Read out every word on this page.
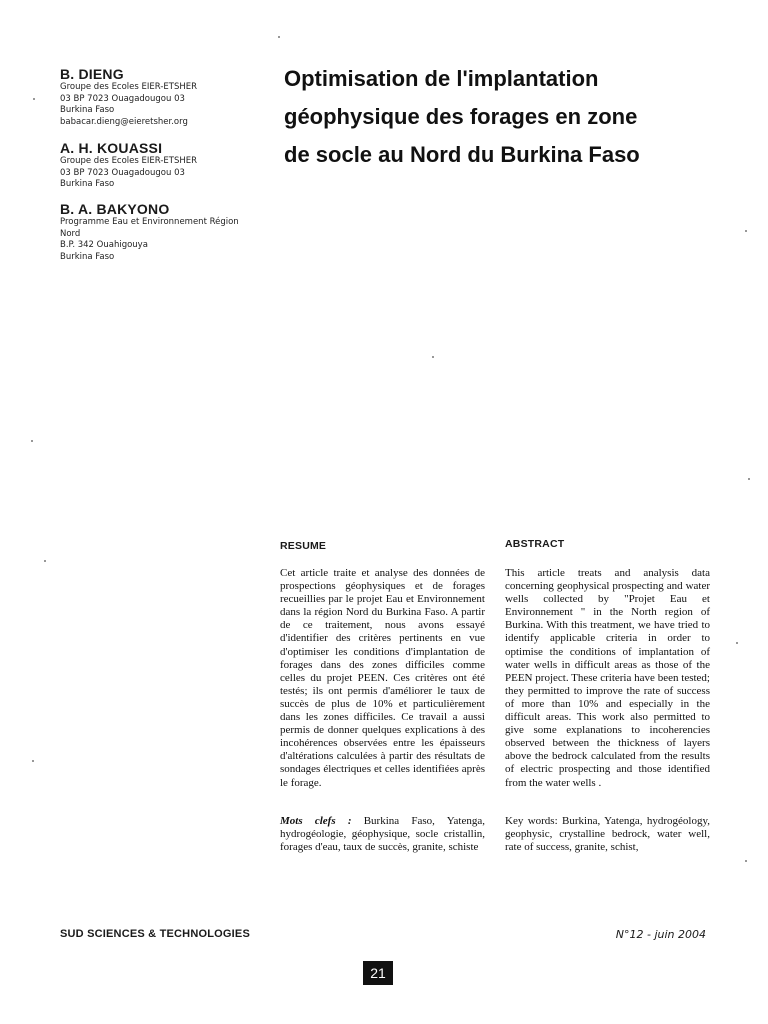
B. DIENG
Groupe des Ecoles EIER-ETSHER
03 BP 7023 Ouagadougou 03
Burkina Faso
babacar.dieng@eieretsher.org
A. H. KOUASSI
Groupe des Ecoles EIER-ETSHER
03 BP 7023 Ouagadougou 03
Burkina Faso
B. A. BAKYONO
Programme Eau et Environnement Région
Nord
B.P. 342 Ouahigouya
Burkina Faso
Optimisation de l'implantation
géophysique des forages en zone
de socle au Nord du Burkina Faso
RESUME
Cet article traite et analyse des données de prospections géophysiques et de forages recueillies par le projet Eau et Environnement dans la région Nord du Burkina Faso. A partir de ce traitement, nous avons essayé d'identifier des critères pertinents en vue d'optimiser les conditions d'implantation de forages dans des zones difficiles comme celles du projet PEEN. Ces critères ont été testés; ils ont permis d'améliorer le taux de succès de plus de 10% et particulièrement dans les zones difficiles. Ce travail a aussi permis de donner quelques explications à des incohérences observées entre les épaisseurs d'altérations calculées à partir des résultats de sondages électriques et celles identifiées après le forage.
Mots clefs : Burkina Faso, Yatenga, hydrogéologie, géophysique, socle cristallin, forages d'eau, taux de succès, granite, schiste
ABSTRACT
This article treats and analysis data concerning geophysical prospecting and water wells collected by "Projet Eau et Environnement " in the North region of Burkina. With this treatment, we have tried to identify applicable criteria in order to optimise the conditions of implantation of water wells in difficult areas as those of the PEEN project. These criteria have been tested; they permitted to improve the rate of success of more than 10% and especially in the difficult areas. This work also permitted to give some explanations to incoherencies observed between the thickness of layers above the bedrock calculated from the results of electric prospecting and those identified from the water wells .
Key words: Burkina, Yatenga, hydrogéology, geophysic, crystalline bedrock, water well, rate of success, granite, schist,
SUD SCIENCES & TECHNOLOGIES	N°12 - juin 2004
21
